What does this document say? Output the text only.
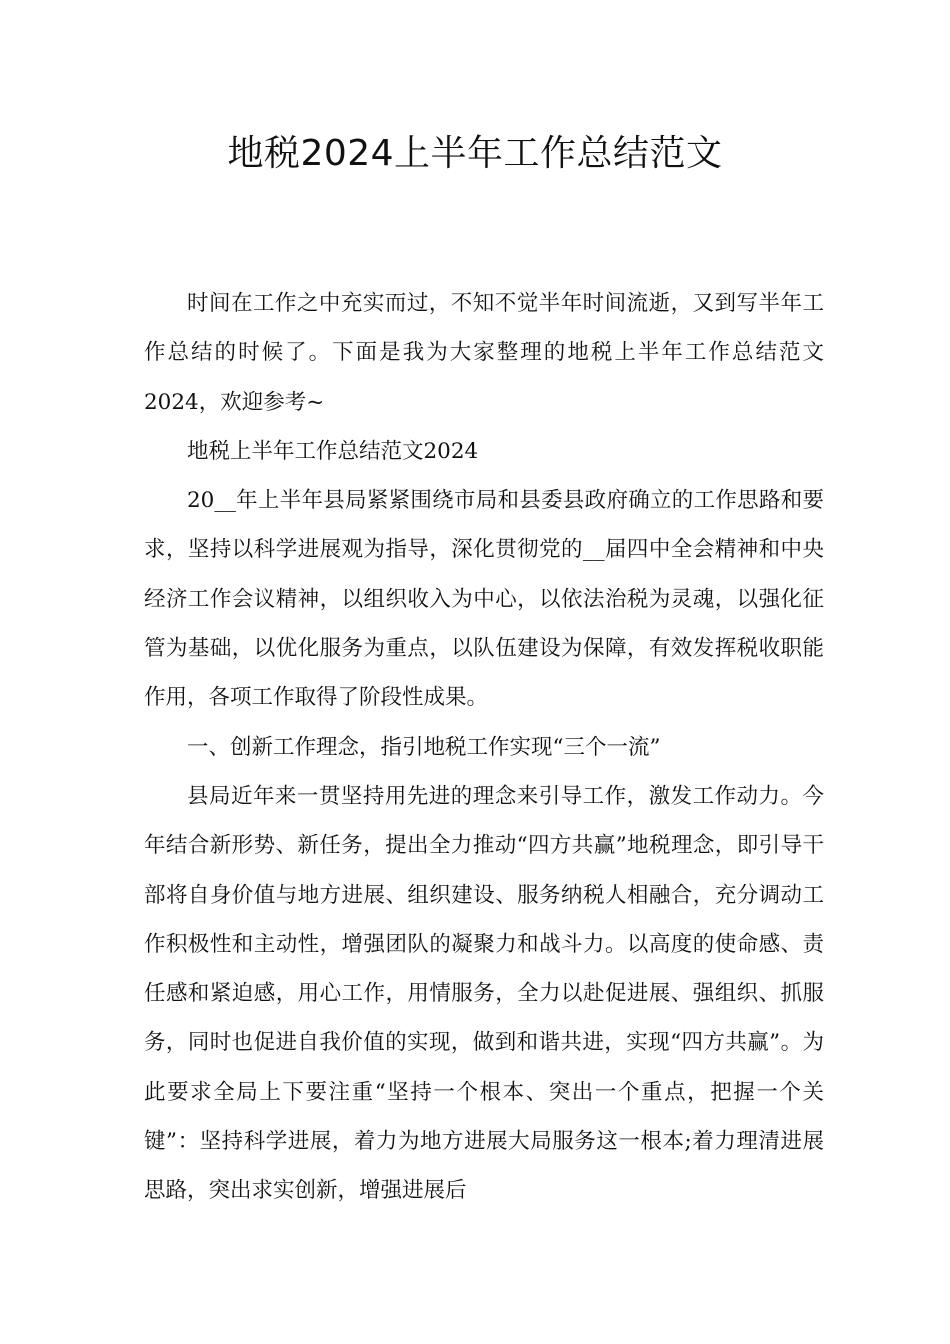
地税2024上半年工作总结范文

时间在工作之中充实而过，不知不觉半年时间流逝，又到写半年工作总结的时候了。下面是我为大家整理的地税上半年工作总结范文2024，欢迎参考~

地税上半年工作总结范文2024

20__年上半年县局紧紧围绕市局和县委县政府确立的工作思路和要求，坚持以科学进展观为指导，深化贯彻党的__届四中全会精神和中央经济工作会议精神，以组织收入为中心，以依法治税为灵魂，以强化征管为基础，以优化服务为重点，以队伍建设为保障，有效发挥税收职能作用，各项工作取得了阶段性成果。

一、创新工作理念，指引地税工作实现“三个一流”

县局近年来一贯坚持用先进的理念来引导工作，激发工作动力。今年结合新形势、新任务，提出全力推动“四方共赢”地税理念，即引导干部将自身价值与地方进展、组织建设、服务纳税人相融合，充分调动工作积极性和主动性，增强团队的凝聚力和战斗力。以高度的使命感、责任感和紧迫感，用心工作，用情服务，全力以赴促进展、强组织、抓服务，同时也促进自我价值的实现，做到和谐共进，实现“四方共赢”。为此要求全局上下要注重“坚持一个根本、突出一个重点，把握一个关键”：坚持科学进展，着力为地方进展大局服务这一根本;着力理清进展思路，突出求实创新，增强进展后
